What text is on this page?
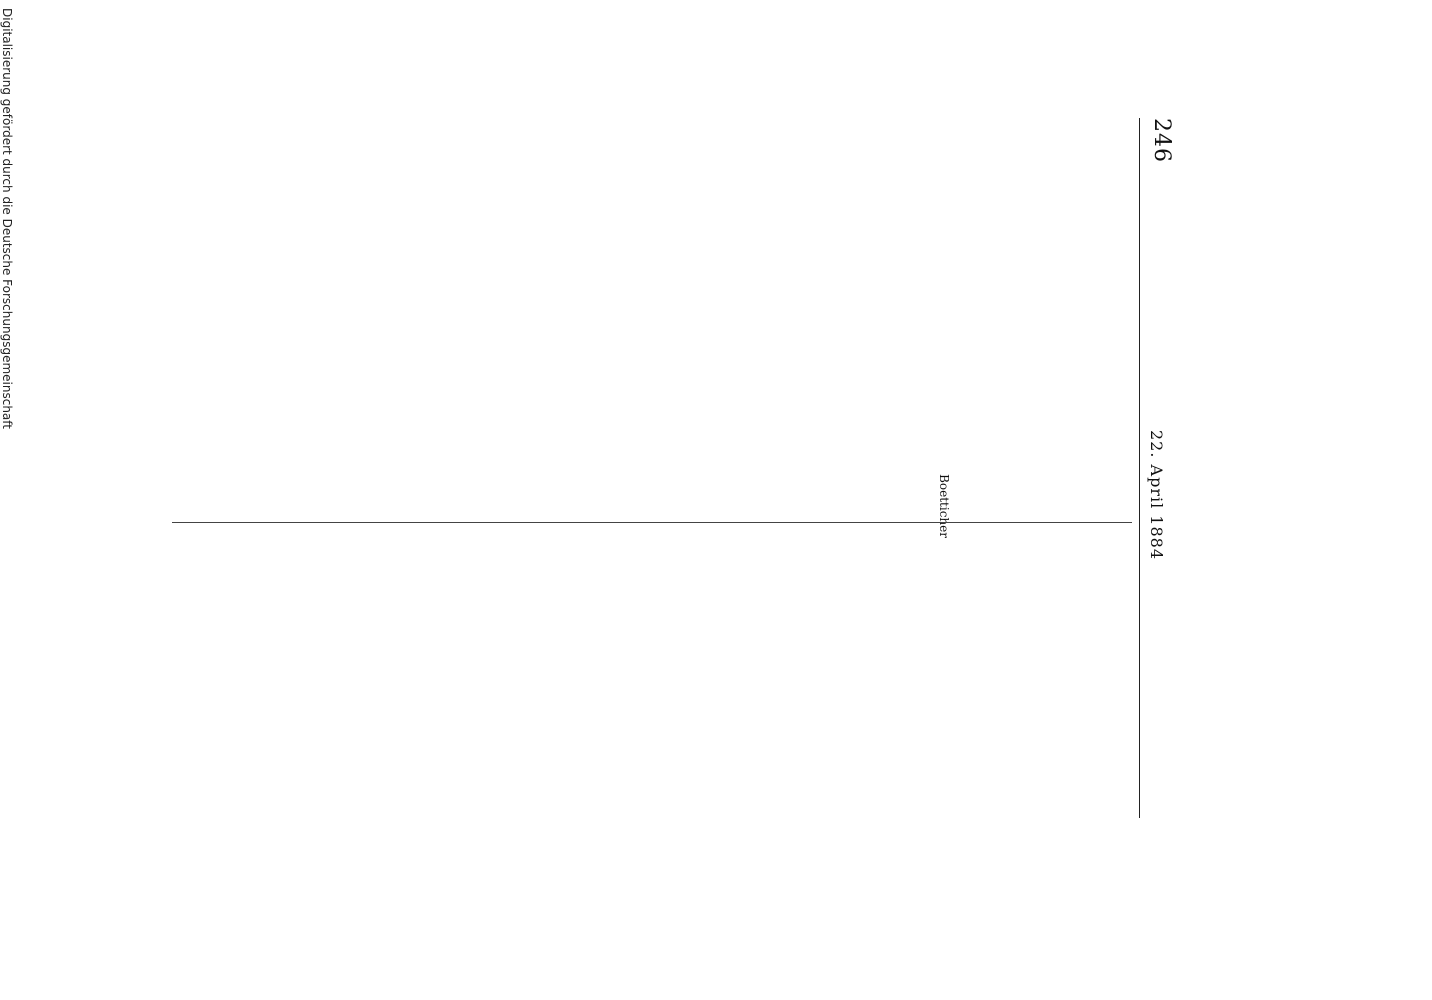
246
22. April 1884
Boetticher
Digitalisierung gefördert durch die Deutsche Forschungsgemeinschaft
